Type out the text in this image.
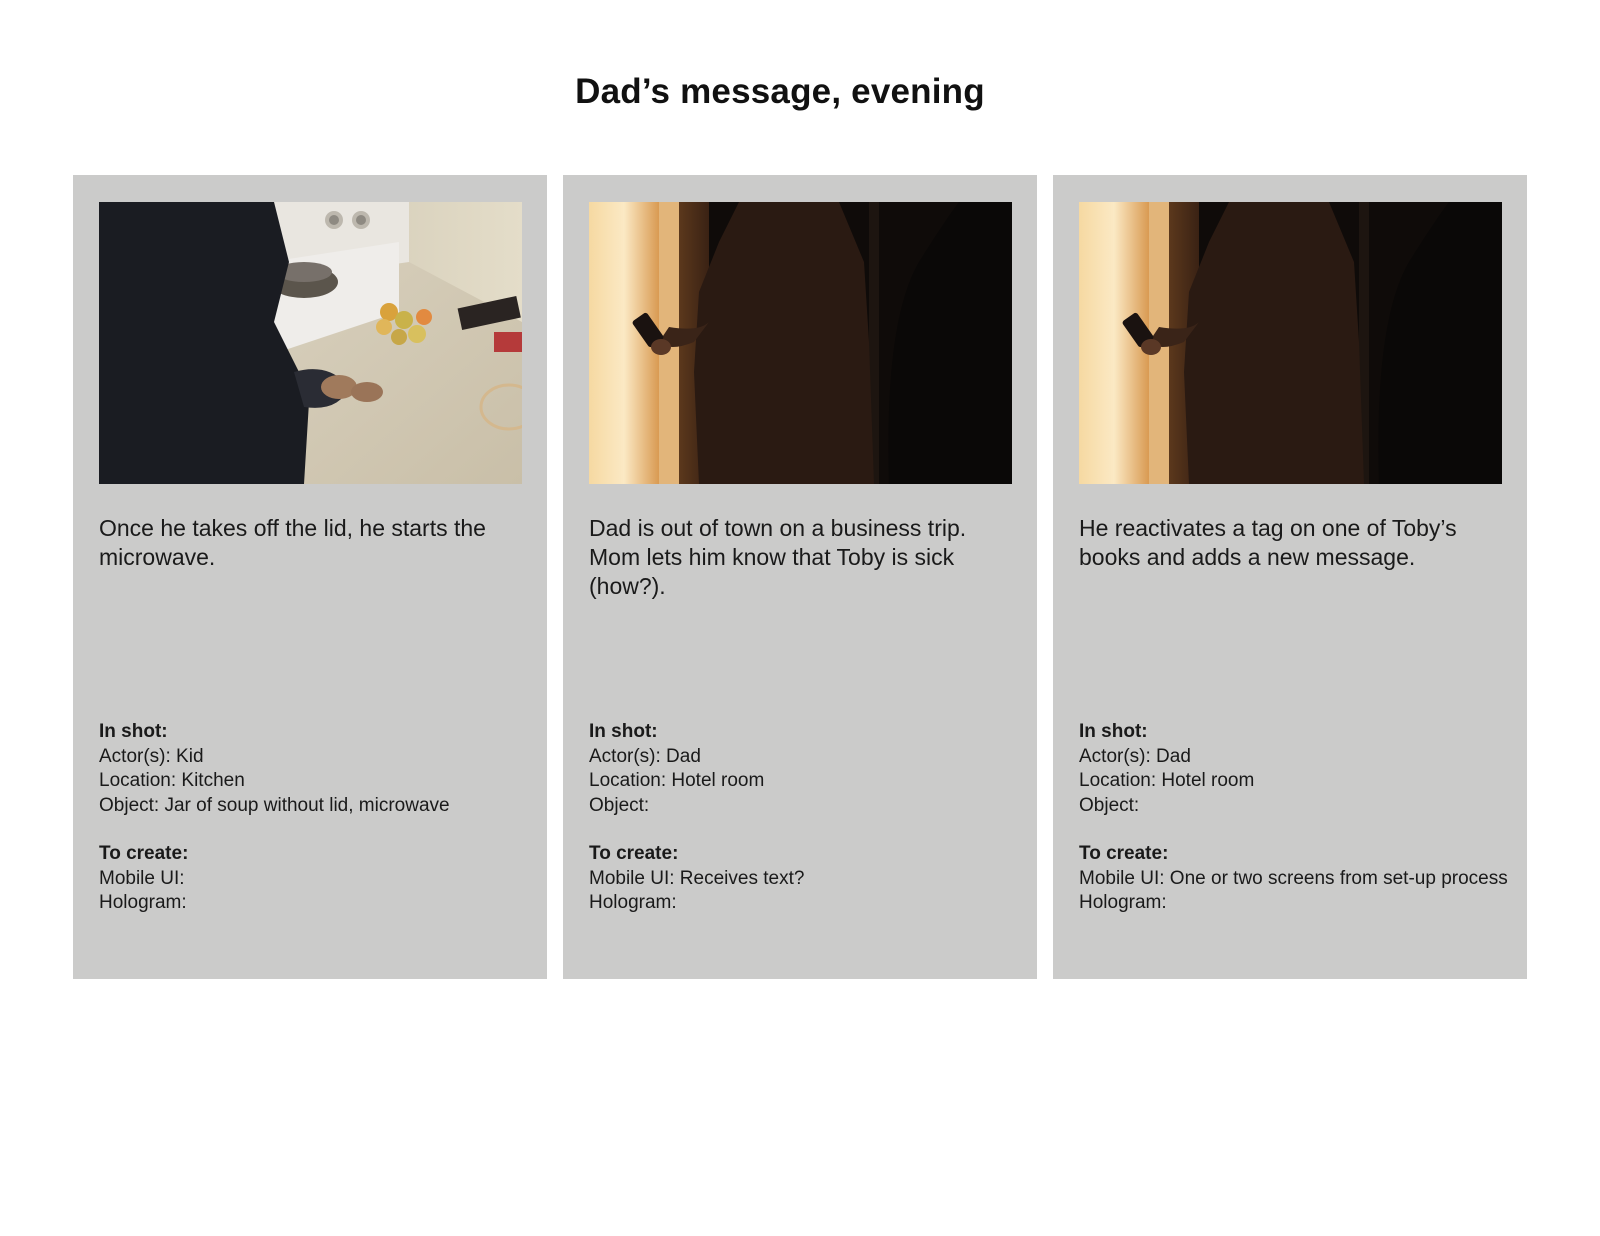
Dad’s message, evening

Once he takes off the lid, he starts the microwave.

In shot:
Actor(s): Kid
Location: Kitchen
Object: Jar of soup without lid, microwave
To create:
Mobile UI:
Hologram:

Dad is out of town on a business trip. Mom lets him know that Toby is sick (how?).

In shot:
Actor(s): Dad
Location: Hotel room
Object:
To create:
Mobile UI: Receives text?
Hologram:

He reactivates a tag on one of Toby’s books and adds a new message.

In shot:
Actor(s): Dad
Location: Hotel room
Object:
To create:
Mobile UI: One or two screens from set-up process
Hologram:
